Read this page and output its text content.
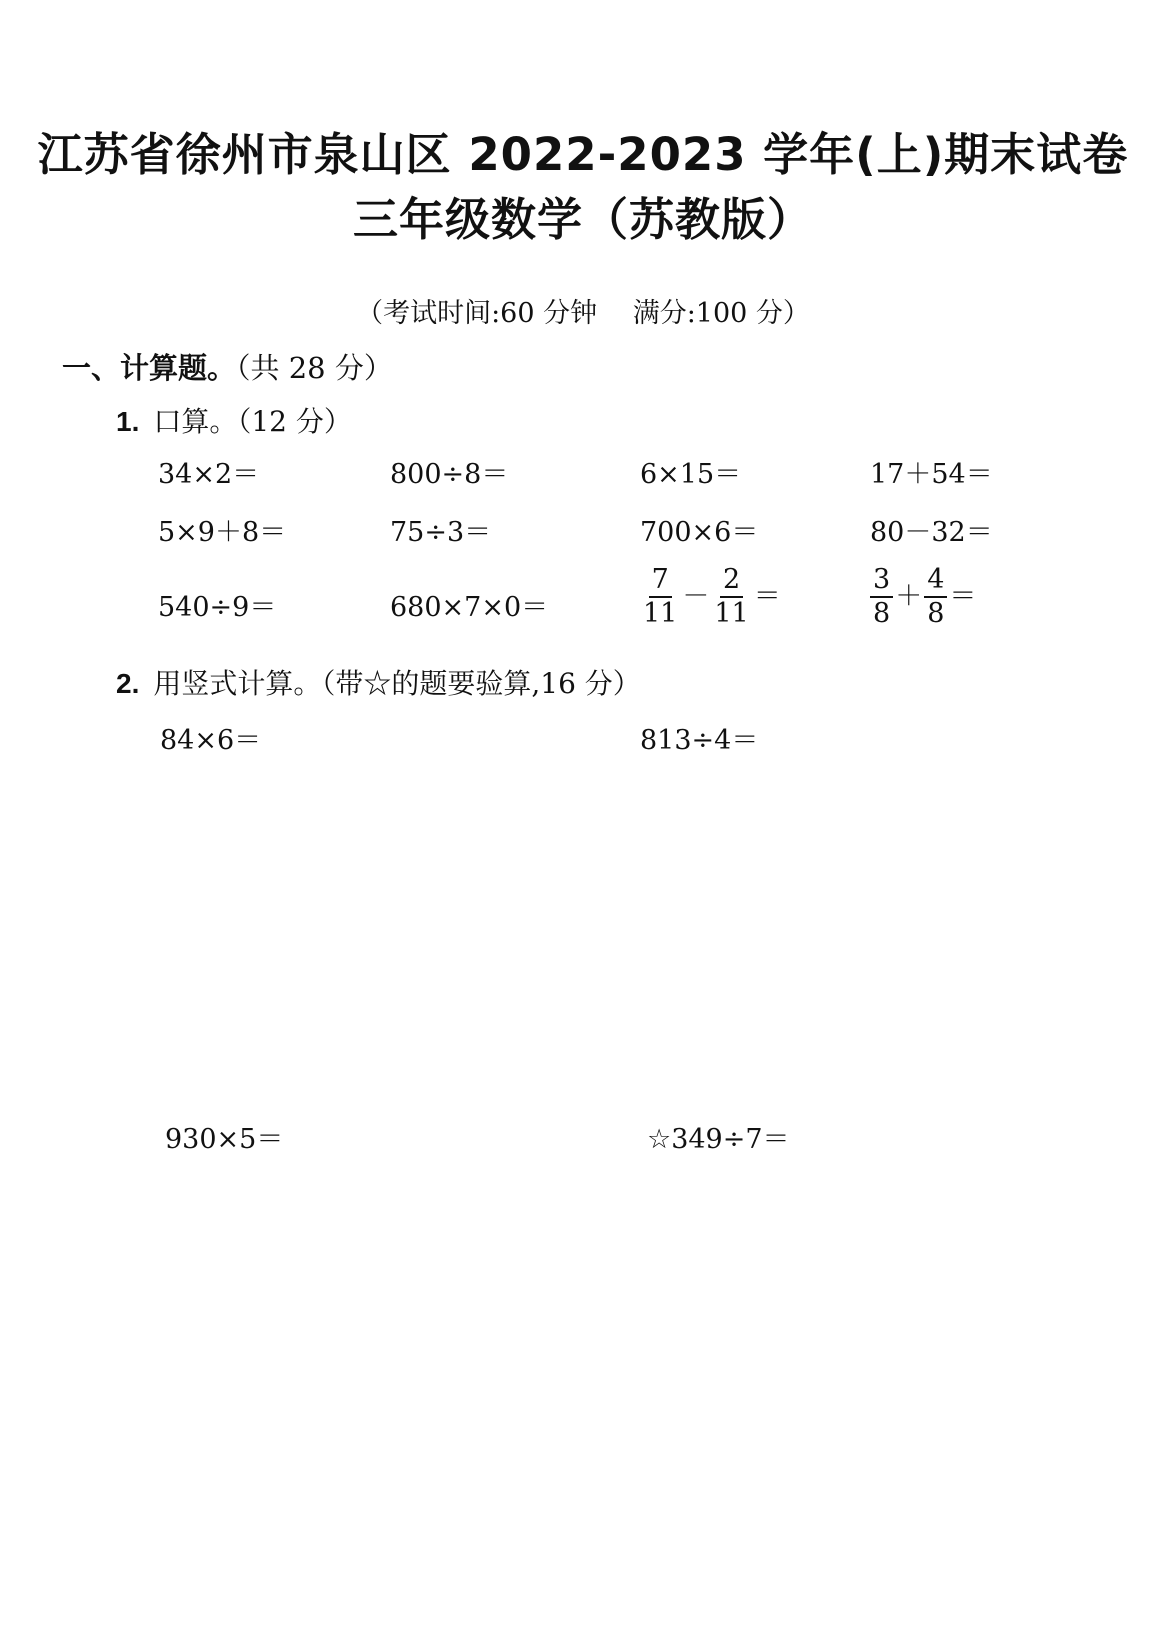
江苏省徐州市泉山区 2022-2023 学年(上)期末试卷
三年级数学（苏教版）
（考试时间:60 分钟　 满分:100 分）
一、计算题。（共 28 分）
1. 口算。（12 分）
34×2＝	800÷8＝	6×15＝	17＋54＝
5×9＋8＝	75÷3＝	700×6＝	80－32＝
540÷9＝	680×7×0＝	$\frac{7}{11} - \frac{2}{11}$ ＝	$\frac{3}{8} + \frac{4}{8}$ ＝
2. 用竖式计算。（带☆的题要验算,16 分）
84×6＝	813÷4＝
930×5＝	☆349÷7＝
